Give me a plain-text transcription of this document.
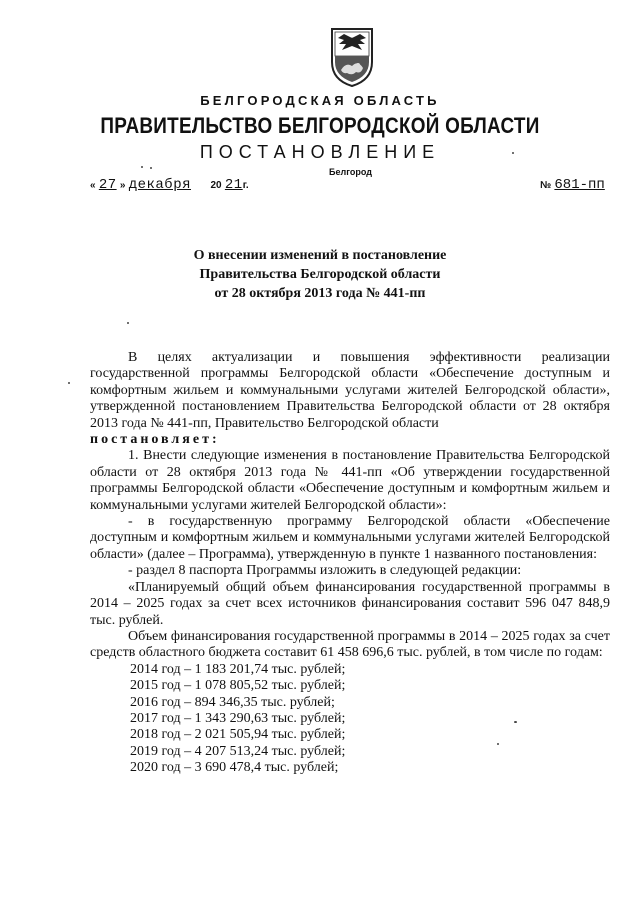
БЕЛГОРОДСКАЯ ОБЛАСТЬ
ПРАВИТЕЛЬСТВО БЕЛГОРОДСКОЙ ОБЛАСТИ
ПОСТАНОВЛЕНИЕ
Белгород
« 27 » декабря 20 21г.	№ 681-пп
О внесении изменений в постановление
Правительства Белгородской области
от 28 октября 2013 года № 441-пп

В целях актуализации и повышения эффективности реализации государственной программы Белгородской области «Обеспечение доступным и комфортным жильем и коммунальными услугами жителей Белгородской области», утвержденной постановлением Правительства Белгородской области от 28 октября 2013 года № 441-пп, Правительство Белгородской области

постановляет:

1. Внести следующие изменения в постановление Правительства Белгородской области от 28 октября 2013 года № 441-пп «Об утверждении государственной программы Белгородской области «Обеспечение доступным и комфортным жильем и коммунальными услугами жителей Белгородской области»:

- в государственную программу Белгородской области «Обеспечение доступным и комфортным жильем и коммунальными услугами жителей Белгородской области» (далее – Программа), утвержденную в пункте 1 названного постановления:

- раздел 8 паспорта Программы изложить в следующей редакции:

«Планируемый общий объем финансирования государственной программы в 2014 – 2025 годах за счет всех источников финансирования составит 596 047 848,9 тыс. рублей.

Объем финансирования государственной программы в 2014 – 2025 годах за счет средств областного бюджета составит 61 458 696,6 тыс. рублей, в том числе по годам:

2014 год – 1 183 201,74 тыс. рублей;

2015 год – 1 078 805,52 тыс. рублей;

2016 год – 894 346,35 тыс. рублей;

2017 год – 1 343 290,63 тыс. рублей;

2018 год – 2 021 505,94 тыс. рублей;

2019 год – 4 207 513,24 тыс. рублей;

2020 год – 3 690 478,4 тыс. рублей;
